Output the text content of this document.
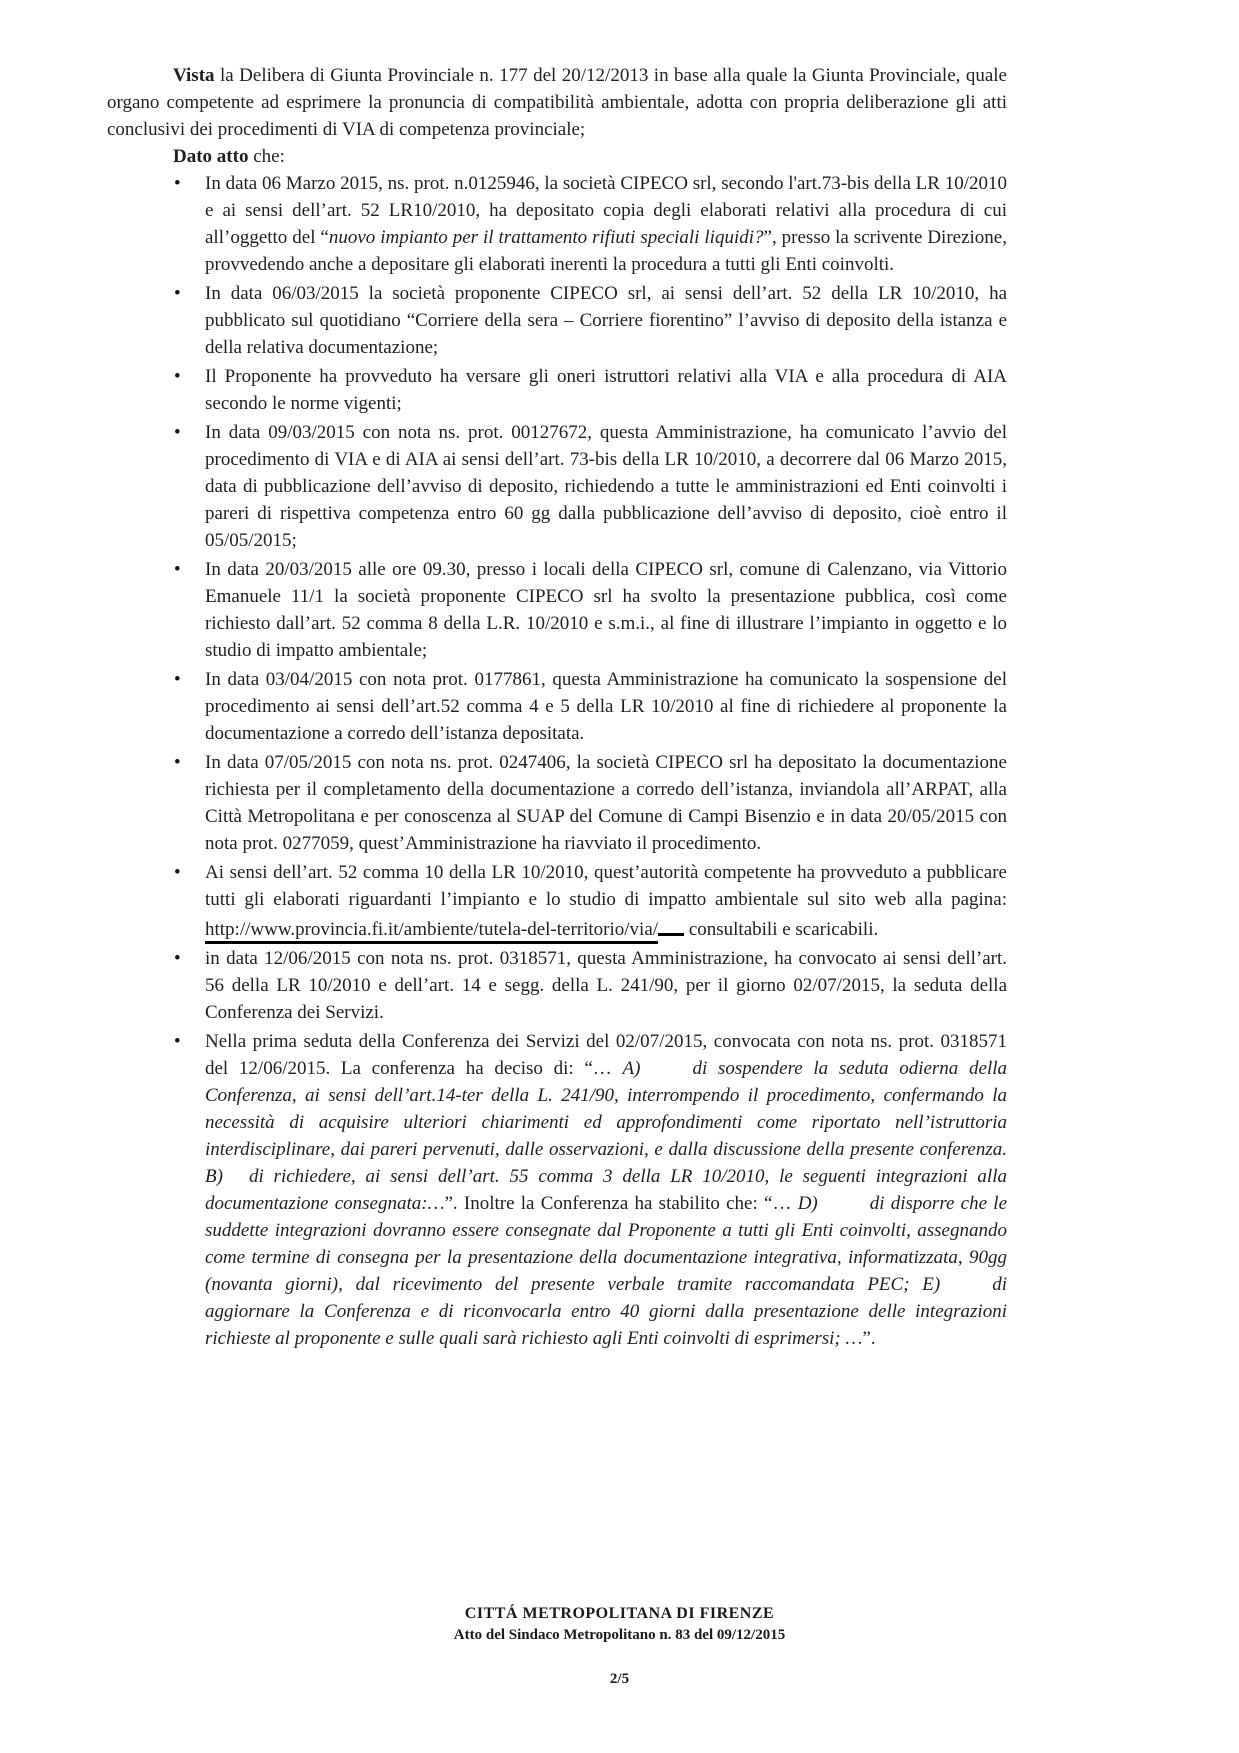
Vista la Delibera di Giunta Provinciale n. 177 del 20/12/2013 in base alla quale la Giunta Provinciale, quale organo competente ad esprimere la pronuncia di compatibilità ambientale, adotta con propria deliberazione gli atti conclusivi dei procedimenti di VIA di competenza provinciale;

Dato atto che:

• In data 06 Marzo 2015, ns. prot. n.0125946, la società CIPECO srl, secondo l'art.73-bis della LR 10/2010 e ai sensi dell’art. 52 LR10/2010, ha depositato copia degli elaborati relativi alla procedura di cui all’oggetto del “nuovo impianto per il trattamento rifiuti speciali liquidi?”, presso la scrivente Direzione, provvedendo anche a depositare gli elaborati inerenti la procedura a tutti gli Enti coinvolti.
• In data 06/03/2015 la società proponente CIPECO srl, ai sensi dell’art. 52 della LR 10/2010, ha pubblicato sul quotidiano “Corriere della sera – Corriere fiorentino” l’avviso di deposito della istanza e della relativa documentazione;
• Il Proponente ha provveduto ha versare gli oneri istruttori relativi alla VIA e alla procedura di AIA secondo le norme vigenti;
• In data 09/03/2015 con nota ns. prot. 00127672, questa Amministrazione, ha comunicato l’avvio del procedimento di VIA e di AIA ai sensi dell’art. 73-bis della LR 10/2010, a decorrere dal 06 Marzo 2015, data di pubblicazione dell’avviso di deposito, richiedendo a tutte le amministrazioni ed Enti coinvolti i pareri di rispettiva competenza entro 60 gg dalla pubblicazione dell’avviso di deposito, cioè entro il 05/05/2015;
• In data 20/03/2015 alle ore 09.30, presso i locali della CIPECO srl, comune di Calenzano, via Vittorio Emanuele 11/1 la società proponente CIPECO srl ha svolto la presentazione pubblica, così come richiesto dall’art. 52 comma 8 della L.R. 10/2010 e s.m.i., al fine di illustrare l’impianto in oggetto e lo studio di impatto ambientale;
• In data 03/04/2015 con nota prot. 0177861, questa Amministrazione ha comunicato la sospensione del procedimento ai sensi dell’art.52 comma 4 e 5 della LR 10/2010 al fine di richiedere al proponente la documentazione a corredo dell’istanza depositata.
• In data 07/05/2015 con nota ns. prot. 0247406, la società CIPECO srl ha depositato la documentazione richiesta per il completamento della documentazione a corredo dell’istanza, inviandola all’ARPAT, alla Città Metropolitana e per conoscenza al SUAP del Comune di Campi Bisenzio e in data 20/05/2015 con nota prot. 0277059, quest’Amministrazione ha riavviato il procedimento.
• Ai sensi dell’art. 52 comma 10 della LR 10/2010, quest’autorità competente ha provveduto a pubblicare tutti gli elaborati riguardanti l’impianto e lo studio di impatto ambientale sul sito web alla pagina: http://www.provincia.fi.it/ambiente/tutela-del-territorio/via/ consultabili e scaricabili.
• in data 12/06/2015 con nota ns. prot. 0318571, questa Amministrazione, ha convocato ai sensi dell’art. 56 della LR 10/2010 e dell’art. 14 e segg. della L. 241/90, per il giorno 02/07/2015, la seduta della Conferenza dei Servizi.
• Nella prima seduta della Conferenza dei Servizi del 02/07/2015, convocata con nota ns. prot. 0318571 del 12/06/2015. La conferenza ha deciso di: “… A)	di sospendere la seduta odierna della Conferenza, ai sensi dell’art.14-ter della L. 241/90, interrompendo il procedimento, confermando la necessità di acquisire ulteriori chiarimenti ed approfondimenti come riportato nell’istruttoria interdisciplinare, dai pareri pervenuti, dalle osservazioni, e dalla discussione della presente conferenza. B) di richiedere, ai sensi dell’art. 55 comma 3 della LR 10/2010, le seguenti integrazioni alla documentazione consegnata:…”. Inoltre la Conferenza ha stabilito che: “… D)	di disporre che le suddette integrazioni dovranno essere consegnate dal Proponente a tutti gli Enti coinvolti, assegnando come termine di consegna per la presentazione della documentazione integrativa, informatizzata, 90gg (novanta giorni), dal ricevimento del presente verbale tramite raccomandata PEC; E)	di aggiornare la Conferenza e di riconvocarla entro 40 giorni dalla presentazione delle integrazioni richieste al proponente e sulle quali sarà richiesto agli Enti coinvolti di esprimersi; …”.

CITTÁ METROPOLITANA DI FIRENZE

Atto del Sindaco Metropolitano n. 83 del 09/12/2015

2/5
